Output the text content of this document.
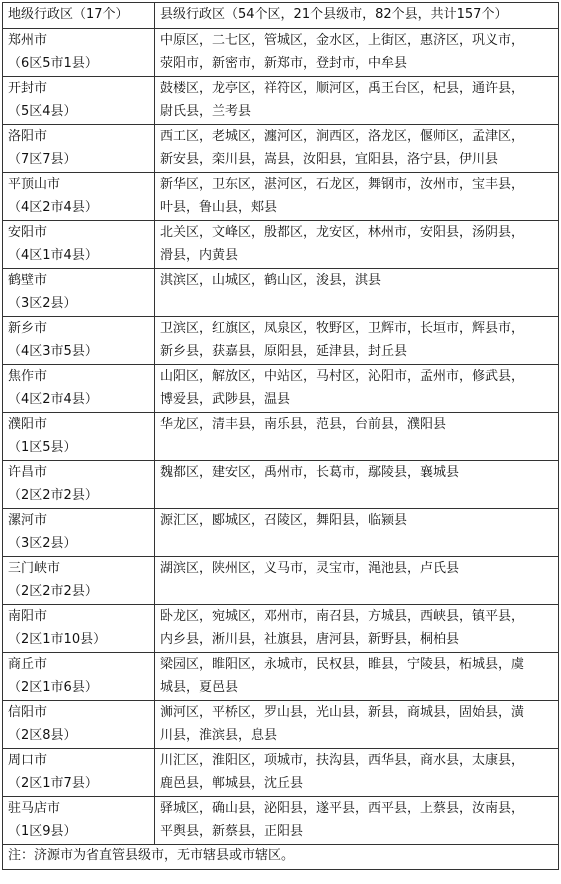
地级行政区（17个）	县级行政区（54个区，21个县级市，82个县，共计157个）

郑州市
（6区5市1县）	中原区，二七区，管城区，金水区，上街区，惠济区，巩义市，
荥阳市，新密市，新郑市，登封市，中牟县

开封市
（5区4县）	鼓楼区，龙亭区，祥符区，顺河区，禹王台区，杞县，通许县，
尉氏县，兰考县

洛阳市
（7区7县）	西工区，老城区，瀍河区，涧西区，洛龙区，偃师区，孟津区，
新安县，栾川县，嵩县，汝阳县，宜阳县，洛宁县，伊川县

平顶山市
（4区2市4县）	新华区，卫东区，湛河区，石龙区，舞钢市，汝州市，宝丰县，
叶县，鲁山县，郏县

安阳市
（4区1市4县）	北关区，文峰区，殷都区，龙安区，林州市，安阳县，汤阴县，
滑县，内黄县

鹤壁市
（3区2县）	淇滨区，山城区，鹤山区，浚县，淇县

新乡市
（4区3市5县）	卫滨区，红旗区，凤泉区，牧野区，卫辉市，长垣市，辉县市，
新乡县，获嘉县，原阳县，延津县，封丘县

焦作市
（4区2市4县）	山阳区，解放区，中站区，马村区，沁阳市，孟州市，修武县，
博爱县，武陟县，温县

濮阳市
（1区5县）	华龙区，清丰县，南乐县，范县，台前县，濮阳县

许昌市
（2区2市2县）	魏都区，建安区，禹州市，长葛市，鄢陵县，襄城县

漯河市
（3区2县）	源汇区，郾城区，召陵区，舞阳县，临颍县

三门峡市
（2区2市2县）	湖滨区，陕州区，义马市，灵宝市，渑池县，卢氏县

南阳市
（2区1市10县）	卧龙区，宛城区，邓州市，南召县，方城县，西峡县，镇平县，
内乡县，淅川县，社旗县，唐河县，新野县，桐柏县

商丘市
（2区1市6县）	梁园区，睢阳区，永城市，民权县，睢县，宁陵县，柘城县，虞
城县，夏邑县

信阳市
（2区8县）	浉河区，平桥区，罗山县，光山县，新县，商城县，固始县，潢
川县，淮滨县，息县

周口市
（2区1市7县）	川汇区，淮阳区，项城市，扶沟县，西华县，商水县，太康县，
鹿邑县，郸城县，沈丘县

驻马店市
（1区9县）	驿城区，确山县，泌阳县，遂平县，西平县，上蔡县，汝南县，
平舆县，新蔡县，正阳县

注：济源市为省直管县级市，无市辖县或市辖区。	
